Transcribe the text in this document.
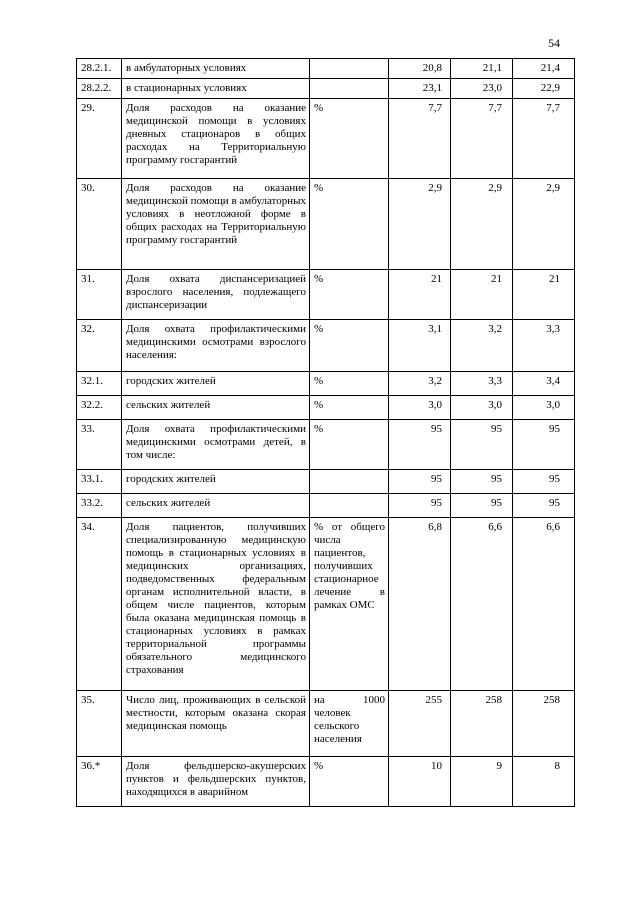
54
28.2.1.	в амбулаторных условиях		20,8	21,1	21,4
28.2.2.	в стационарных условиях		23,1	23,0	22,9
29.	Доля расходов на оказание медицинской помощи в условиях дневных стационаров в общих расходах на Территориальную программу госгарантий	%	7,7	7,7	7,7
30.	Доля расходов на оказание медицинской помощи в амбулаторных условиях в неотложной форме в общих расходах на Территориальную программу госгарантий	%	2,9	2,9	2,9
31.	Доля охвата диспансеризацией взрослого населения, подлежащего диспансеризации	%	21	21	21
32.	Доля охвата профилактическими медицинскими осмотрами взрослого населения:	%	3,1	3,2	3,3
32.1.	городских жителей	%	3,2	3,3	3,4
32.2.	сельских жителей	%	3,0	3,0	3,0
33.	Доля охвата профилактическими медицинскими осмотрами детей, в том числе:	%	95	95	95
33.1.	городских жителей		95	95	95
33.2.	сельских жителей		95	95	95
34.	Доля пациентов, получивших специализированную медицинскую помощь в стационарных условиях в медицинских организациях, подведомственных федеральным органам исполнительной власти, в общем числе пациентов, которым была оказана медицинская помощь в стационарных условиях в рамках территориальной программы обязательного медицинского страхования	% от общего числа пациентов, получивших стационарное лечение в рамках ОМС	6,8	6,6	6,6
35.	Число лиц, проживающих в сельской местности, которым оказана скорая медицинская помощь	на 1000 человек сельского населения	255	258	258
36.*	Доля фельдшерско-акушерских пунктов и фельдшерских пунктов, находящихся в аварийном	%	10	9	8
